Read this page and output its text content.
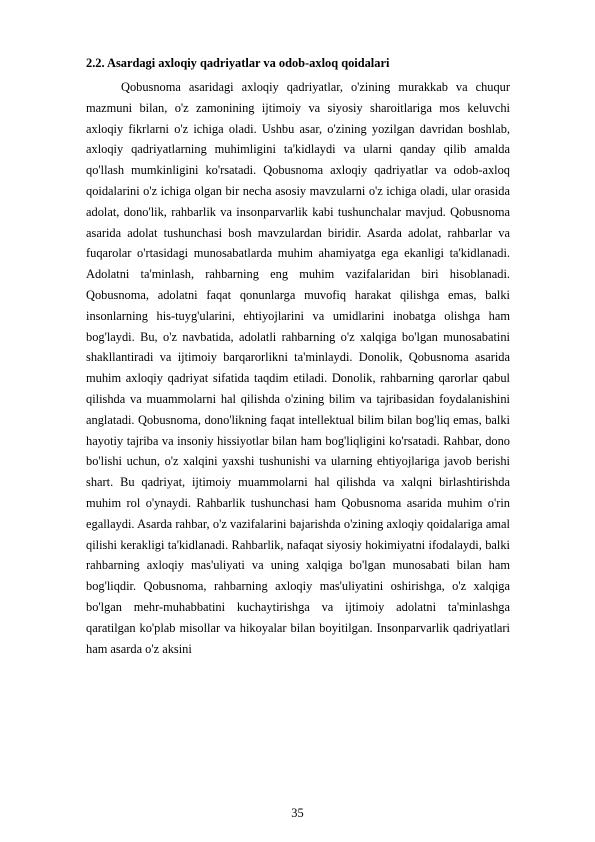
2.2. Asardagi axloqiy qadriyatlar va odob-axloq qoidalari

Qobusnoma asaridagi axloqiy qadriyatlar, o'zining murakkab va chuqur mazmuni bilan, o'z zamonining ijtimoiy va siyosiy sharoitlariga mos keluvchi axloqiy fikrlarni o'z ichiga oladi. Ushbu asar, o'zining yozilgan davridan boshlab, axloqiy qadriyatlarning muhimligini ta'kidlaydi va ularni qanday qilib amalda qo'llash mumkinligini ko'rsatadi. Qobusnoma axloqiy qadriyatlar va odob-axloq qoidalarini o'z ichiga olgan bir necha asosiy mavzularni o'z ichiga oladi, ular orasida adolat, dono'lik, rahbarlik va insonparvarlik kabi tushunchalar mavjud. Qobusnoma asarida adolat tushunchasi bosh mavzulardan biridir. Asarda adolat, rahbarlar va fuqarolar o'rtasidagi munosabatlarda muhim ahamiyatga ega ekanligi ta'kidlanadi. Adolatni ta'minlash, rahbarning eng muhim vazifalaridan biri hisoblanadi. Qobusnoma, adolatni faqat qonunlarga muvofiq harakat qilishga emas, balki insonlarning his-tuyg'ularini, ehtiyojlarini va umidlarini inobatga olishga ham bog'laydi. Bu, o'z navbatida, adolatli rahbarning o'z xalqiga bo'lgan munosabatini shakllantiradi va ijtimoiy barqarorlikni ta'minlaydi. Donolik, Qobusnoma asarida muhim axloqiy qadriyat sifatida taqdim etiladi. Donolik, rahbarning qarorlar qabul qilishda va muammolarni hal qilishda o'zining bilim va tajribasidan foydalanishini anglatadi. Qobusnoma, dono'likning faqat intellektual bilim bilan bog'liq emas, balki hayotiy tajriba va insoniy hissiyotlar bilan ham bog'liqligini ko'rsatadi. Rahbar, dono bo'lishi uchun, o'z xalqini yaxshi tushunishi va ularning ehtiyojlariga javob berishi shart. Bu qadriyat, ijtimoiy muammolarni hal qilishda va xalqni birlashtirishda muhim rol o'ynaydi. Rahbarlik tushunchasi ham Qobusnoma asarida muhim o'rin egallaydi. Asarda rahbar, o'z vazifalarini bajarishda o'zining axloqiy qoidalariga amal qilishi kerakligi ta'kidlanadi. Rahbarlik, nafaqat siyosiy hokimiyatni ifodalaydi, balki rahbarning axloqiy mas'uliyati va uning xalqiga bo'lgan munosabati bilan ham bog'liqdir. Qobusnoma, rahbarning axloqiy mas'uliyatini oshirishga, o'z xalqiga bo'lgan mehr-muhabbatini kuchaytirishga va ijtimoiy adolatni ta'minlashga qaratilgan ko'plab misollar va hikoyalar bilan boyitilgan. Insonparvarlik qadriyatlari ham asarda o'z aksini

35
